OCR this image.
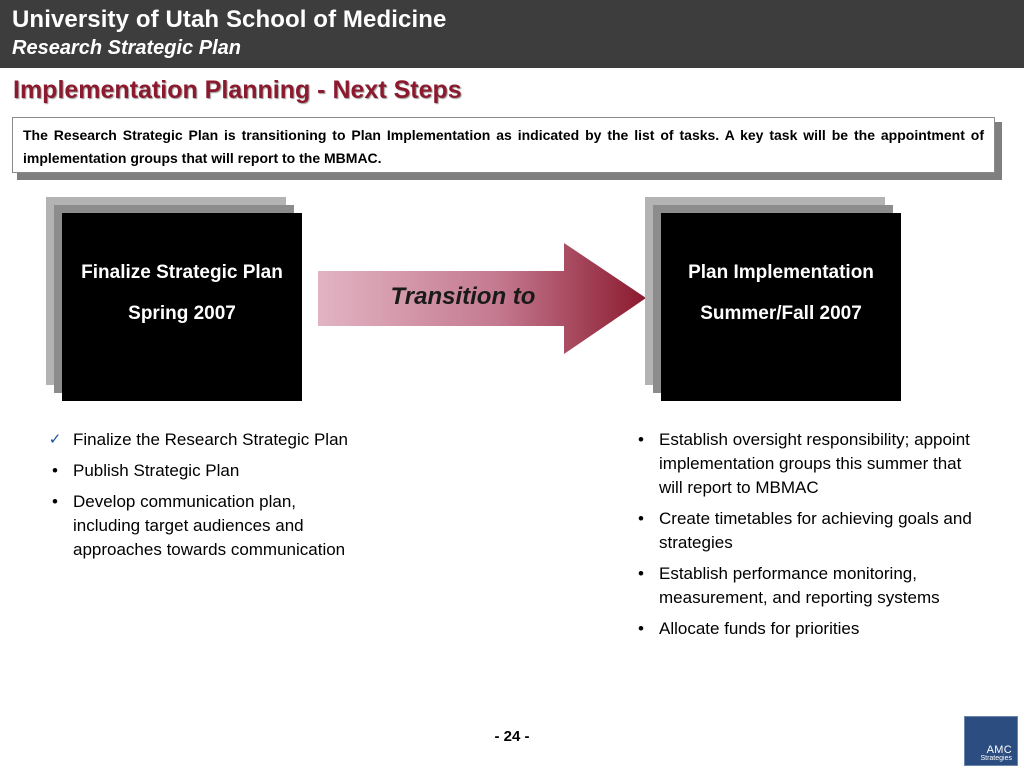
University of Utah School of Medicine
Research Strategic Plan
Implementation Planning - Next Steps
The Research Strategic Plan is transitioning to Plan Implementation as indicated by the list of tasks. A key task will be the appointment of implementation groups that will report to the MBMAC.
Finalize Strategic Plan
Spring 2007
Transition to
Plan Implementation
Summer/Fall 2007
✓ Finalize the Research Strategic Plan
• Publish Strategic Plan
• Develop communication plan, including target audiences and approaches towards communication
• Establish oversight responsibility; appoint implementation groups this summer that will report to MBMAC
• Create timetables for achieving goals and strategies
• Establish performance monitoring, measurement, and reporting systems
• Allocate funds for priorities
- 24 -
AMC
Strategies
